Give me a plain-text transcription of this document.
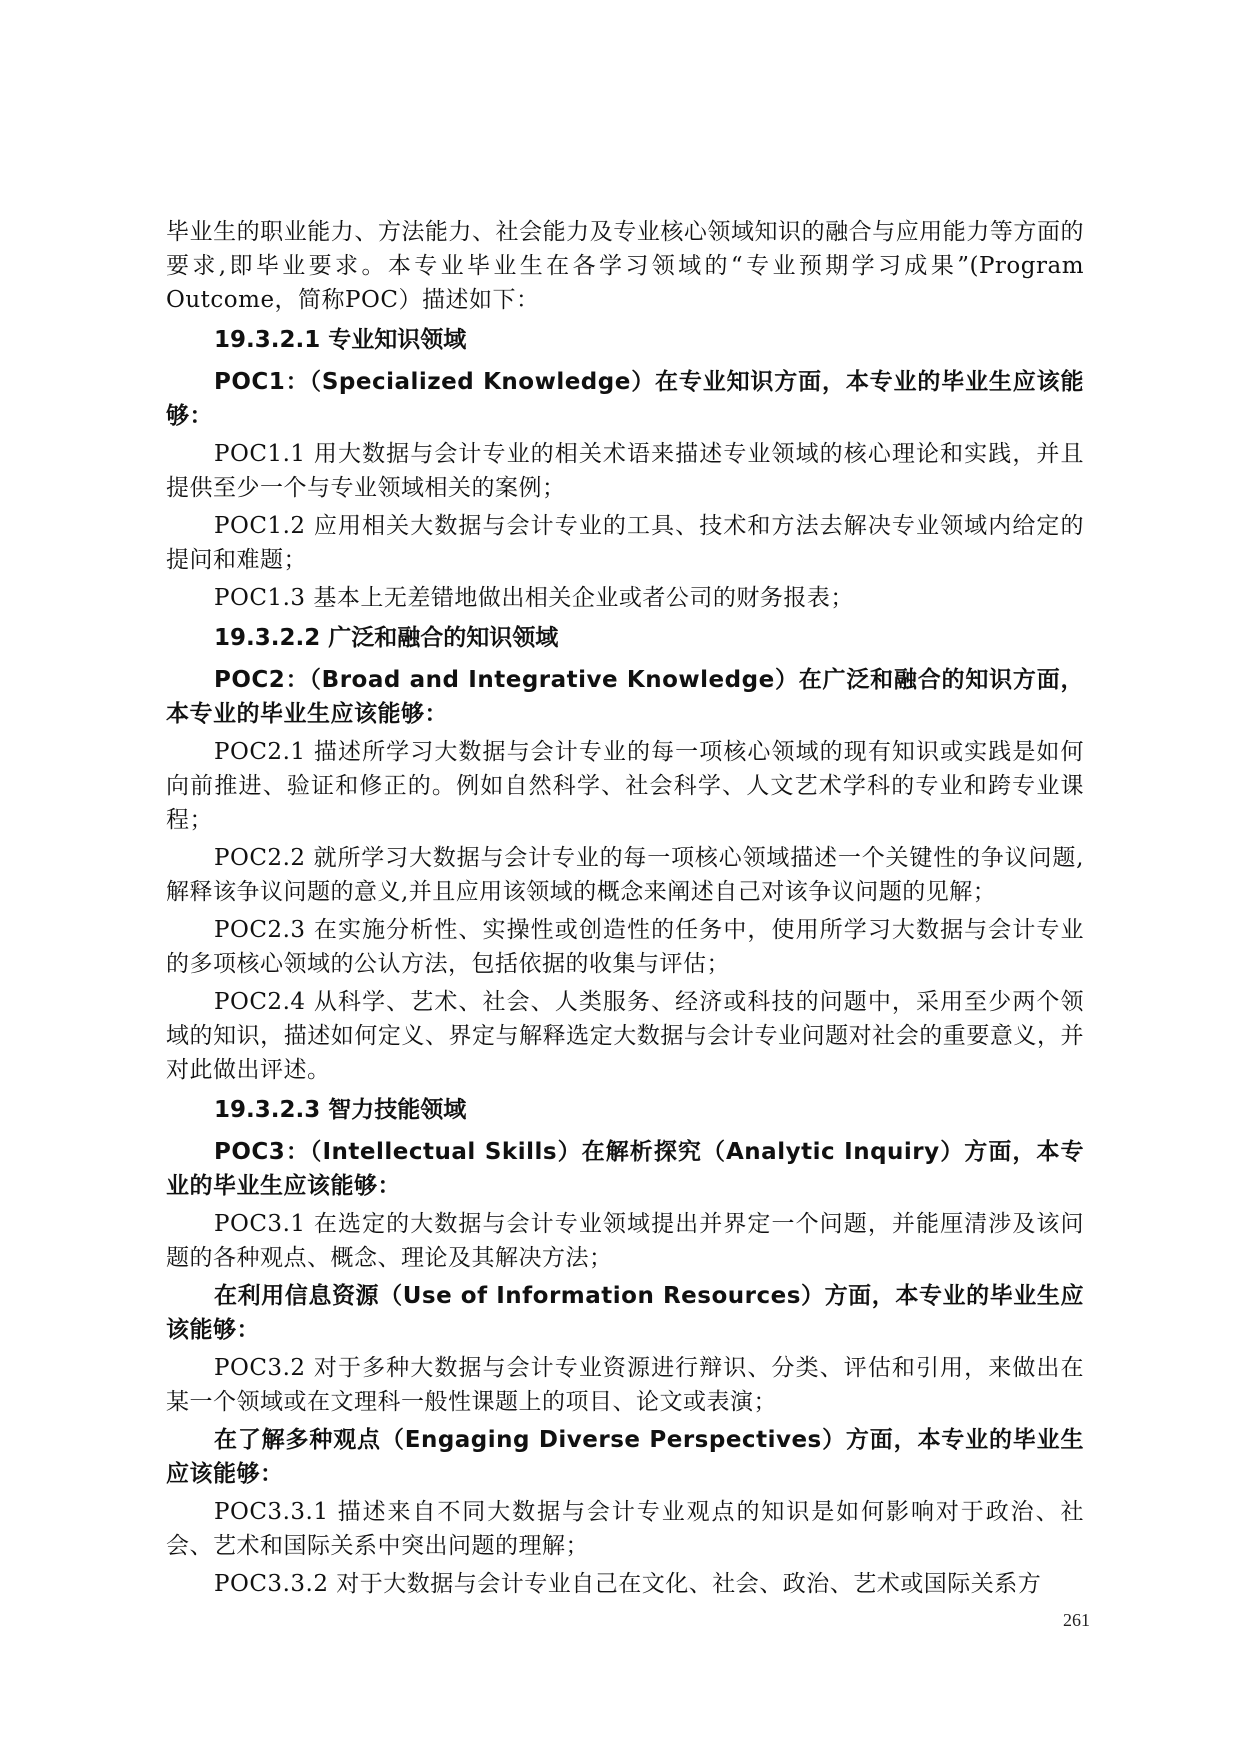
毕业生的职业能力、方法能力、社会能力及专业核心领域知识的融合与应用能力等方面的要求,即毕业要求。本专业毕业生在各学习领域的“专业预期学习成果”(Program Outcome，简称POC）描述如下：

19.3.2.1 专业知识领域

POC1：（Specialized Knowledge）在专业知识方面，本专业的毕业生应该能够：

POC1.1 用大数据与会计专业的相关术语来描述专业领域的核心理论和实践，并且提供至少一个与专业领域相关的案例；

POC1.2 应用相关大数据与会计专业的工具、技术和方法去解决专业领域内给定的提问和难题；

POC1.3 基本上无差错地做出相关企业或者公司的财务报表；

19.3.2.2 广泛和融合的知识领域

POC2：（Broad and Integrative Knowledge）在广泛和融合的知识方面，本专业的毕业生应该能够：

POC2.1 描述所学习大数据与会计专业的每一项核心领域的现有知识或实践是如何向前推进、验证和修正的。例如自然科学、社会科学、人文艺术学科的专业和跨专业课程；

POC2.2 就所学习大数据与会计专业的每一项核心领域描述一个关键性的争议问题,解释该争议问题的意义,并且应用该领域的概念来阐述自己对该争议问题的见解；

POC2.3 在实施分析性、实操性或创造性的任务中，使用所学习大数据与会计专业的多项核心领域的公认方法，包括依据的收集与评估；

POC2.4 从科学、艺术、社会、人类服务、经济或科技的问题中，采用至少两个领域的知识，描述如何定义、界定与解释选定大数据与会计专业问题对社会的重要意义，并对此做出评述。

19.3.2.3 智力技能领域

POC3：（Intellectual Skills）在解析探究（Analytic Inquiry）方面，本专业的毕业生应该能够：

POC3.1 在选定的大数据与会计专业领域提出并界定一个问题，并能厘清涉及该问题的各种观点、概念、理论及其解决方法；

在利用信息资源（Use of Information Resources）方面，本专业的毕业生应该能够：

POC3.2 对于多种大数据与会计专业资源进行辩识、分类、评估和引用，来做出在某一个领域或在文理科一般性课题上的项目、论文或表演；

在了解多种观点（Engaging Diverse Perspectives）方面，本专业的毕业生应该能够：

POC3.3.1 描述来自不同大数据与会计专业观点的知识是如何影响对于政治、社会、艺术和国际关系中突出问题的理解；

POC3.3.2 对于大数据与会计专业自己在文化、社会、政治、艺术或国际关系方

261
